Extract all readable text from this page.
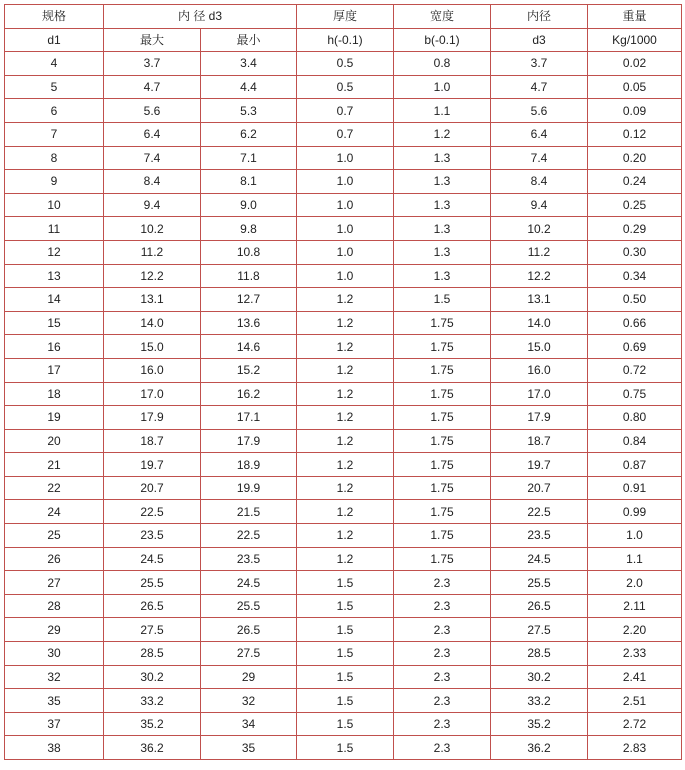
规格	内 径 d3		厚度	宽度	内径	重量
d1	最大	最小	h(-0.1)	b(-0.1)	d3	Kg/1000
4	3.7	3.4	0.5	0.8	3.7	0.02
5	4.7	4.4	0.5	1.0	4.7	0.05
6	5.6	5.3	0.7	1.1	5.6	0.09
7	6.4	6.2	0.7	1.2	6.4	0.12
8	7.4	7.1	1.0	1.3	7.4	0.20
9	8.4	8.1	1.0	1.3	8.4	0.24
10	9.4	9.0	1.0	1.3	9.4	0.25
11	10.2	9.8	1.0	1.3	10.2	0.29
12	11.2	10.8	1.0	1.3	11.2	0.30
13	12.2	11.8	1.0	1.3	12.2	0.34
14	13.1	12.7	1.2	1.5	13.1	0.50
15	14.0	13.6	1.2	1.75	14.0	0.66
16	15.0	14.6	1.2	1.75	15.0	0.69
17	16.0	15.2	1.2	1.75	16.0	0.72
18	17.0	16.2	1.2	1.75	17.0	0.75
19	17.9	17.1	1.2	1.75	17.9	0.80
20	18.7	17.9	1.2	1.75	18.7	0.84
21	19.7	18.9	1.2	1.75	19.7	0.87
22	20.7	19.9	1.2	1.75	20.7	0.91
24	22.5	21.5	1.2	1.75	22.5	0.99
25	23.5	22.5	1.2	1.75	23.5	1.0
26	24.5	23.5	1.2	1.75	24.5	1.1
27	25.5	24.5	1.5	2.3	25.5	2.0
28	26.5	25.5	1.5	2.3	26.5	2.11
29	27.5	26.5	1.5	2.3	27.5	2.20
30	28.5	27.5	1.5	2.3	28.5	2.33
32	30.2	29	1.5	2.3	30.2	2.41
35	33.2	32	1.5	2.3	33.2	2.51
37	35.2	34	1.5	2.3	35.2	2.72
38	36.2	35	1.5	2.3	36.2	2.83
